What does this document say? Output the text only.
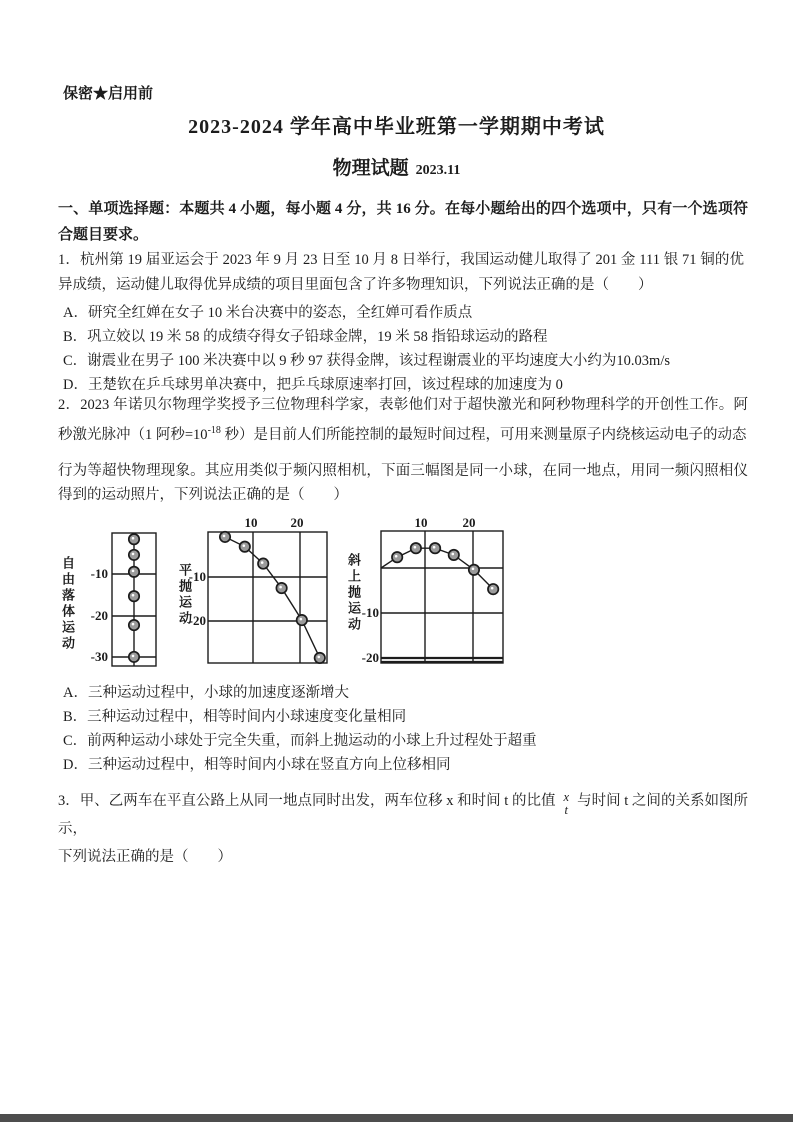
保密★启用前
2023-2024 学年高中毕业班第一学期期中考试
物理试题 2023.11
一、单项选择题：本题共 4 小题，每小题 4 分，共 16 分。在每小题给出的四个选项中，只有一个选项符合题目要求。
1．杭州第 19 届亚运会于 2023 年 9 月 23 日至 10 月 8 日举行，我国运动健儿取得了 201 金 111 银 71 铜的优异成绩，运动健儿取得优异成绩的项目里面包含了许多物理知识，下列说法正确的是（　　）
A．研究全红婵在女子 10 米台决赛中的姿态，全红婵可看作质点
B．巩立姣以 19 米 58 的成绩夺得女子铅球金牌，19 米 58 指铅球运动的路程
C．谢震业在男子 100 米决赛中以 9 秒 97 获得金牌，该过程谢震业的平均速度大小约为10.03m/s
D．王楚钦在乒乓球男单决赛中，把乒乓球原速率打回，该过程球的加速度为 0
2．2023 年诺贝尔物理学奖授予三位物理科学家，表彰他们对于超快激光和阿秒物理科学的开创性工作。阿秒激光脉冲（1 阿秒$=10^{-18}$ 秒）是目前人们所能控制的最短时间过程，可用来测量原子内绕核运动电子的动态
行为等超快物理现象。其应用类似于频闪照相机，下面三幅图是同一小球，在同一地点，用同一频闪照相仪得到的运动照片，下列说法正确的是（　　）
-10
-20
-30
自由落体运动
10	20
-10
-20
平抛运动
10	20
-10
-20
斜上抛运动
A．三种运动过程中，小球的加速度逐渐增大
B．三种运动过程中，相等时间内小球速度变化量相同
C．前两种运动小球处于完全失重，而斜上抛运动的小球上升过程处于超重
D．三种运动过程中，相等时间内小球在竖直方向上位移相同
3．甲、乙两车在平直公路上从同一地点同时出发，两车位移 x 和时间 t 的比值 x
t
与时间 t 之间的关系如图所示，
下列说法正确的是（　　）
